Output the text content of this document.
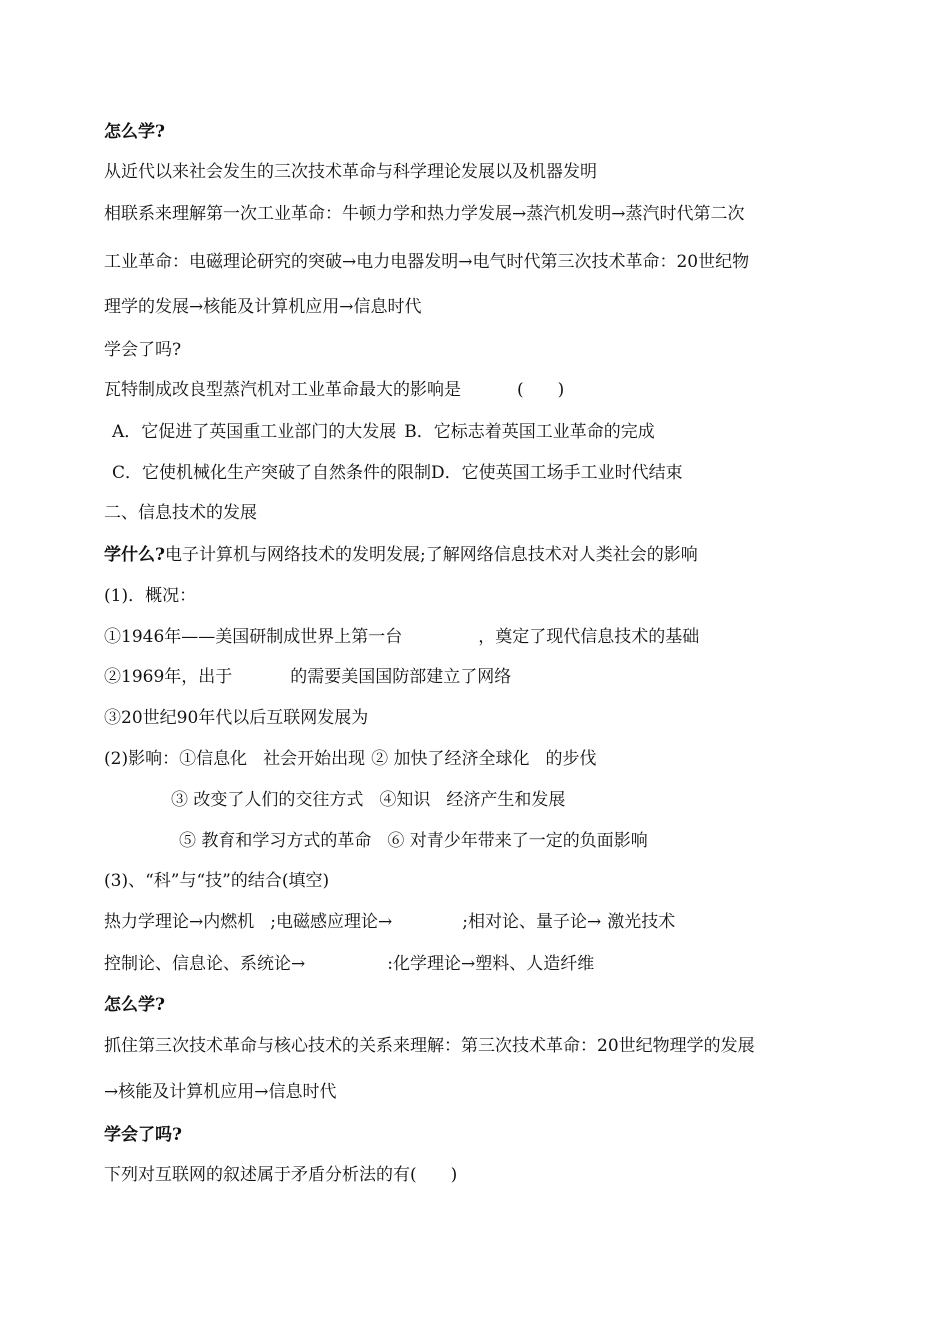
怎么学?

从近代以来社会发生的三次技术革命与科学理论发展以及机器发明

相联系来理解第一次工业革命：牛顿力学和热力学发展→蒸汽机发明→蒸汽时代第二次

工业革命：电磁理论研究的突破→电力电器发明→电气时代第三次技术革命：20世纪物

理学的发展→核能及计算机应用→信息时代

学会了吗?

瓦特制成改良型蒸汽机对工业革命最大的影响是	(　　)

A．它促进了英国重工业部门的大发展 B．它标志着英国工业革命的完成

C．它使机械化生产突破了自然条件的限制D．它使英国工场手工业时代结束

二、信息技术的发展

学什么?电子计算机与网络技术的发明发展;了解网络信息技术对人类社会的影响

(1)．概况：

①1946年——美国研制成世界上第一台	，奠定了现代信息技术的基础

②1969年，出于	的需要美国国防部建立了网络

③20世纪90年代以后互联网发展为

(2)影响：①信息化 社会开始出现 ② 加快了经济全球化 的步伐

③ 改变了人们的交往方式 ④知识 经济产生和发展

⑤ 教育和学习方式的革命 ⑥ 对青少年带来了一定的负面影响

(3)、“科”与“技”的结合(填空)

热力学理论→内燃机 ;电磁感应理论→	;相对论、量子论→ 激光技术

控制论、信息论、系统论→	:化学理论→塑料、人造纤维

怎么学?

抓住第三次技术革命与核心技术的关系来理解：第三次技术革命：20世纪物理学的发展

→核能及计算机应用→信息时代

学会了吗?

下列对互联网的叙述属于矛盾分析法的有(　　)
